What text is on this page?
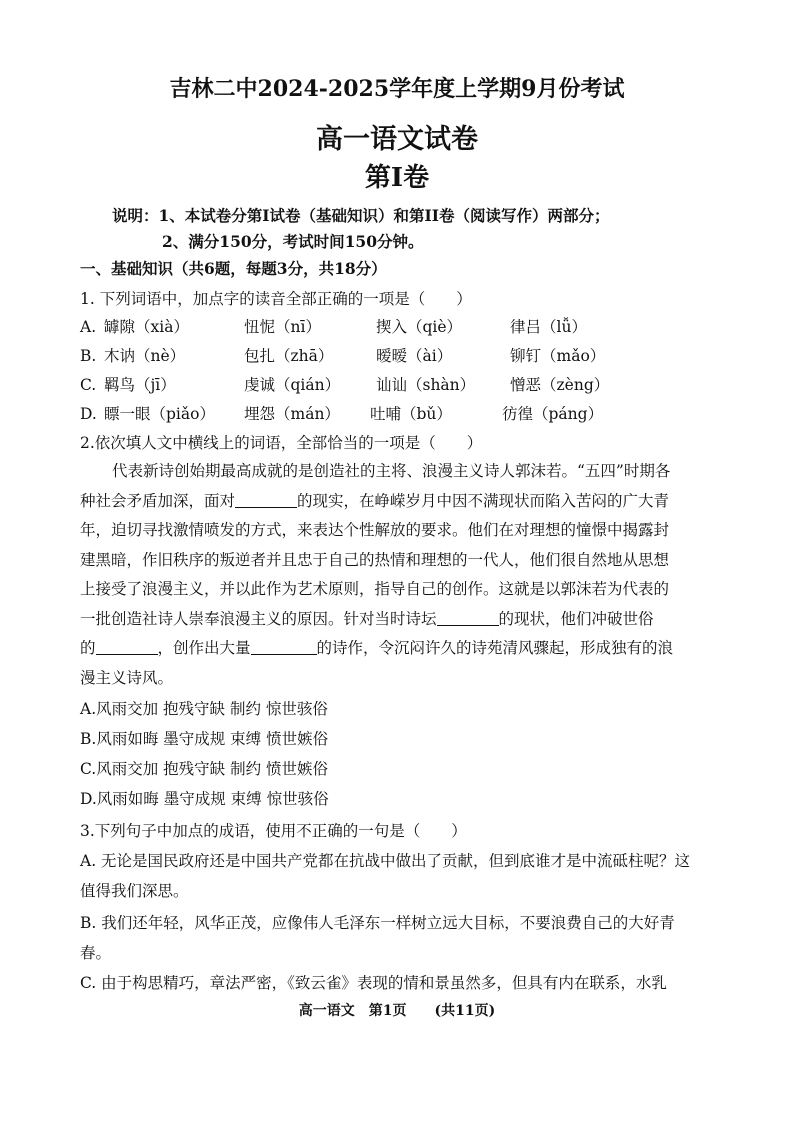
吉林二中2024-2025学年度上学期9月份考试
高一语文试卷
第Ⅰ卷
说明：1、本试卷分第Ⅰ试卷（基础知识）和第II卷（阅读写作）两部分；
2、满分150分，考试时间150分钟。
一、基础知识（共6题，每题3分，共18分）
1. 下列词语中，加点字的读音全部正确的一项是（　　）
A. 罅隙（xià）	忸怩（nī）	揳入（qiè）	律吕（lǚ）
B. 木讷（nè）	包扎（zhā）	暧暧（ài）	铆钉（mǎo）
C. 羁鸟（jī）	虔诚（qián） 讪讪（shàn） 憎恶（zèng）
D. 瞟一眼（piǎo） 埋怨（mán） 吐哺（bǔ）	彷徨（páng）
2.依次填人文中横线上的词语，全部恰当的一项是（　　）

代表新诗创始期最高成就的是创造社的主将、浪漫主义诗人郭沫若。“五四”时期各

种社会矛盾加深，面对	的现实，在峥嵘岁月中因不满现状而陷入苦闷的广大青

年，迫切寻找激情喷发的方式，来表达个性解放的要求。他们在对理想的憧憬中揭露封

建黑暗，作旧秩序的叛逆者并且忠于自己的热情和理想的一代人，他们很自然地从思想

上接受了浪漫主义，并以此作为艺术原则，指导自己的创作。这就是以郭沫若为代表的

一批创造社诗人崇奉浪漫主义的原因。针对当时诗坛	的现状，他们冲破世俗

的	，创作出大量	的诗作，令沉闷许久的诗苑清风骤起，形成独有的浪

漫主义诗风。

A.风雨交加 抱残守缺 制约 惊世骇俗
B.风雨如晦 墨守成规 束缚 愤世嫉俗
C.风雨交加 抱残守缺 制约 愤世嫉俗
D.风雨如晦 墨守成规 束缚 惊世骇俗
3.下列句子中加点的成语，使用不正确的一句是（　　）
A. 无论是国民政府还是中国共产党都在抗战中做出了贡献，但到底谁才是中流砥柱呢？这
值得我们深思。
B. 我们还年轻，风华正茂，应像伟人毛泽东一样树立远大目标，不要浪费自己的大好青
春。
C. 由于构思精巧，章法严密，《致云雀》表现的情和景虽然多，但具有内在联系，水乳
高一语文　第1页　　(共11页)
